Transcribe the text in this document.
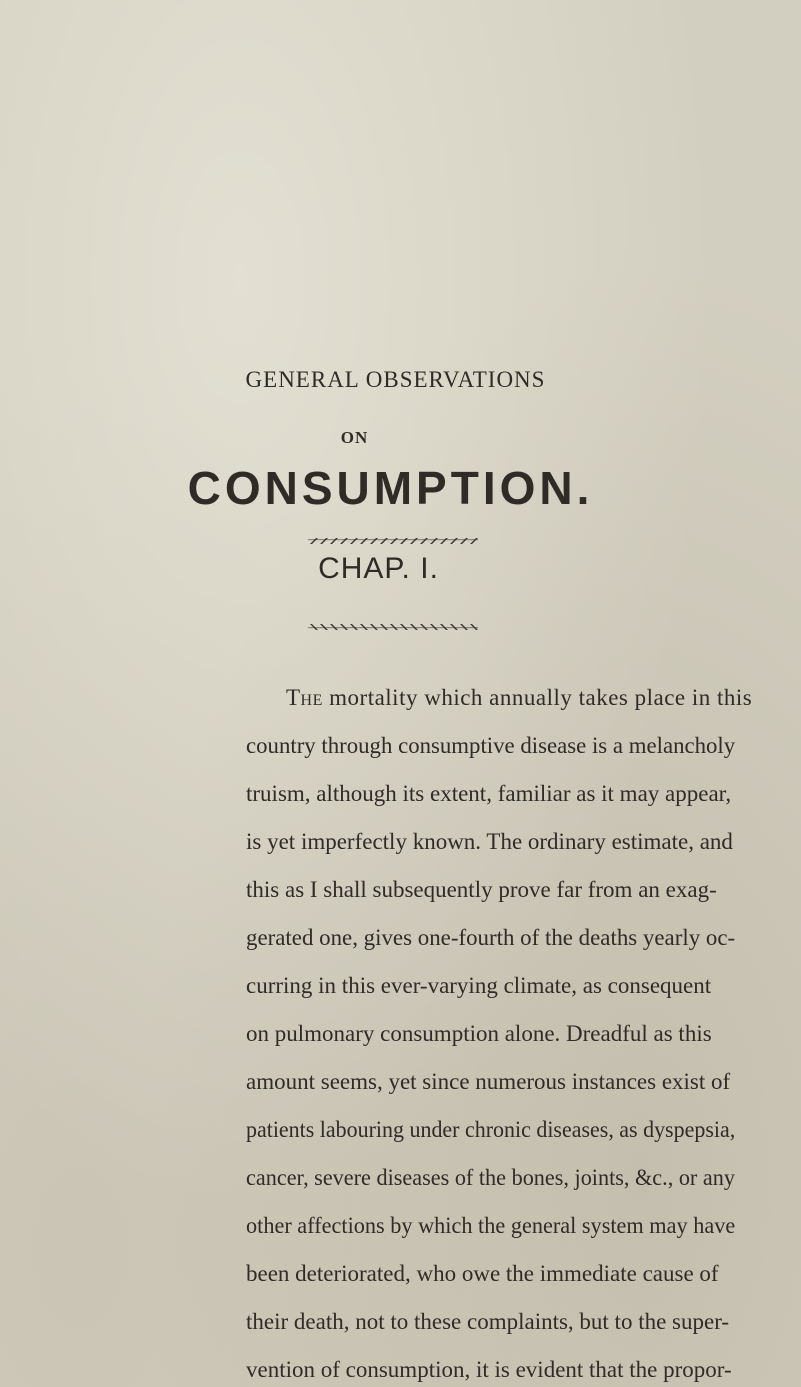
GENERAL OBSERVATIONS
ON
CONSUMPTION.
CHAP. I.
The mortality which annually takes place in this
country through consumptive disease is a melancholy
truism, although its extent, familiar as it may appear,
is yet imperfectly known. The ordinary estimate, and
this as I shall subsequently prove far from an exag-
gerated one, gives one-fourth of the deaths yearly oc-
curring in this ever-varying climate, as consequent
on pulmonary consumption alone. Dreadful as this
amount seems, yet since numerous instances exist of
patients labouring under chronic diseases, as dyspepsia,
cancer, severe diseases of the bones, joints, &c., or any
other affections by which the general system may have
been deteriorated, who owe the immediate cause of
their death, not to these complaints, but to the super-
vention of consumption, it is evident that the propor-
